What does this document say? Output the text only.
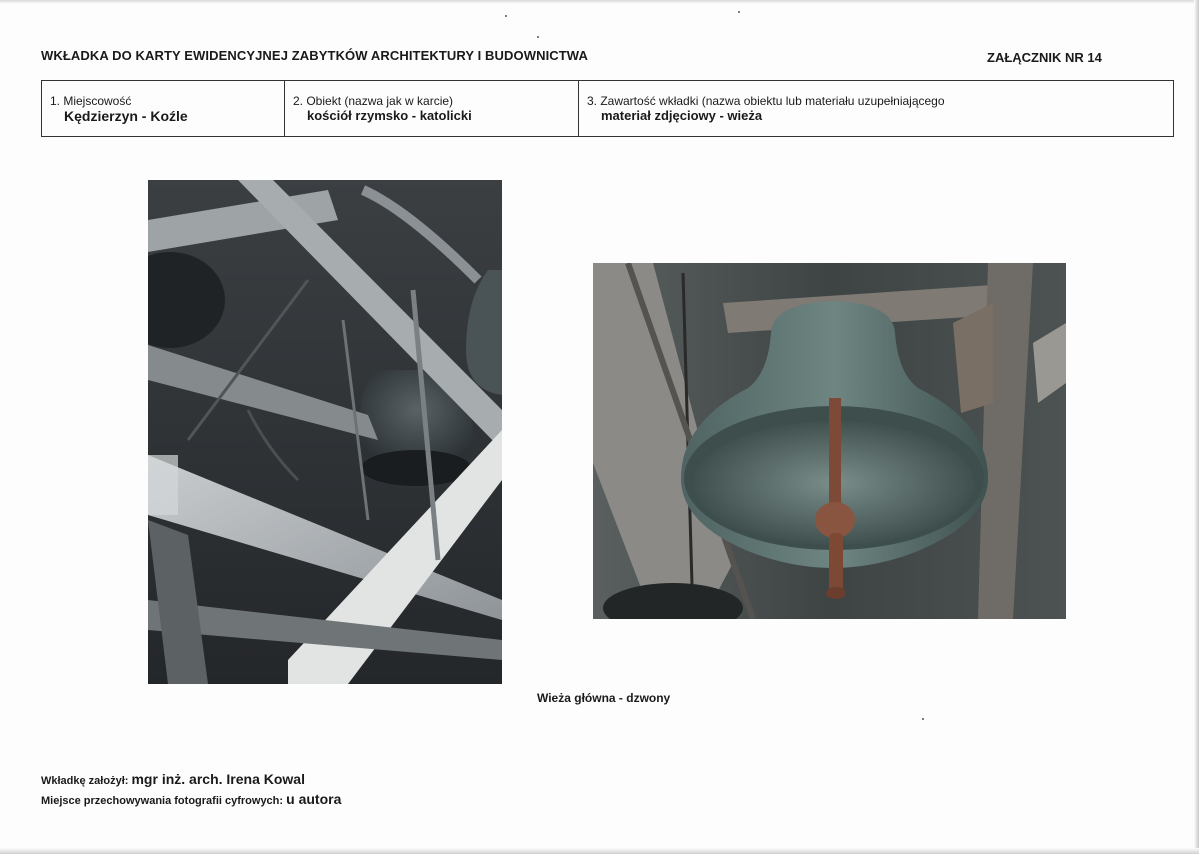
WKŁADKA DO KARTY EWIDENCYJNEJ ZABYTKÓW ARCHITEKTURY I BUDOWNICTWA	ZAŁĄCZNIK NR 14
1. Miejscowość
Kędzierzyn - Koźle
2. Obiekt (nazwa jak w karcie)
kościół rzymsko - katolicki
3. Zawartość wkładki (nazwa obiektu lub materiału uzupełniającego
materiał zdjęciowy - wieża
Wieża główna - dzwony
Wkładkę założył: mgr inż. arch. Irena Kowal
Miejsce przechowywania fotografii cyfrowych: u autora
